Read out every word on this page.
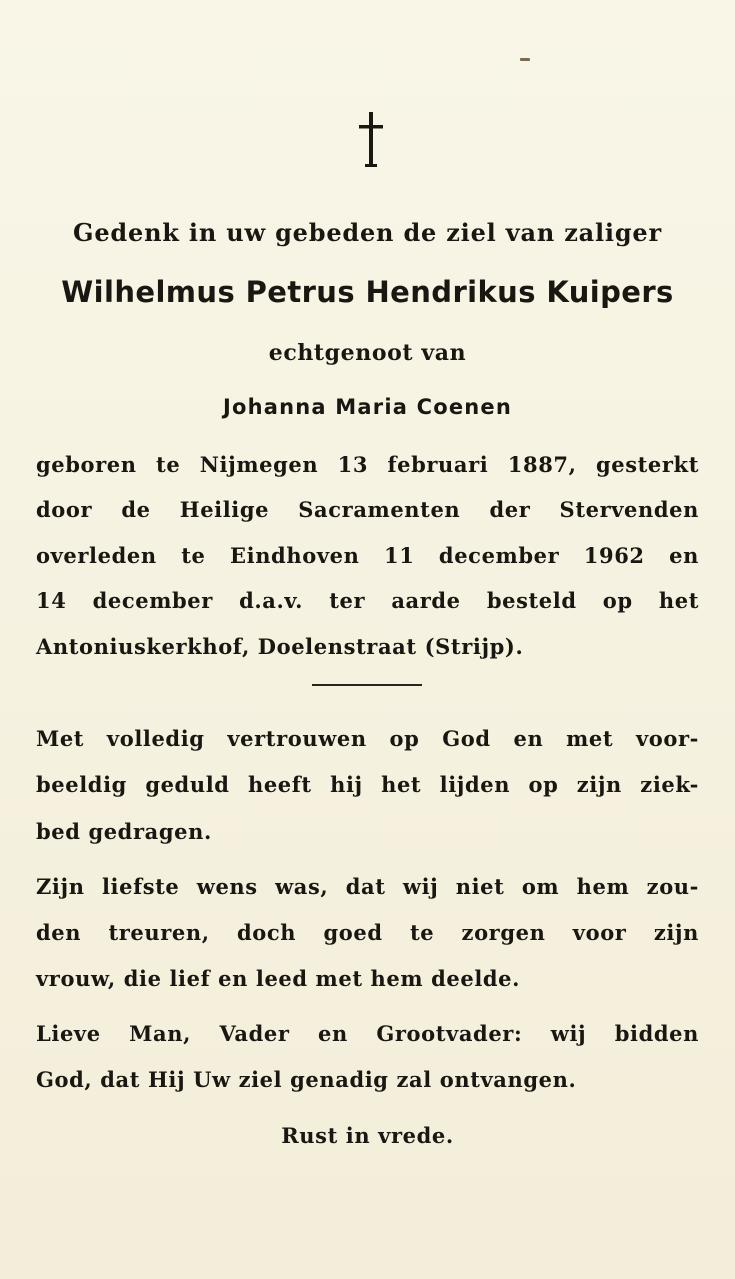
Gedenk in uw gebeden de ziel van zaliger

Wilhelmus Petrus Hendrikus Kuipers

echtgenoot van

Johanna Maria Coenen

geboren te Nijmegen 13 februari 1887, gesterkt

door de Heilige Sacramenten der Stervenden

overleden te Eindhoven 11 december 1962 en

14 december d.a.v. ter aarde besteld op het

Antoniuskerkhof, Doelenstraat (Strijp).

Met volledig vertrouwen op God en met voor-

beeldig geduld heeft hij het lijden op zijn ziek-

bed gedragen.

Zijn liefste wens was, dat wij niet om hem zou-

den treuren, doch goed te zorgen voor zijn

vrouw, die lief en leed met hem deelde.

Lieve Man, Vader en Grootvader: wij bidden

God, dat Hij Uw ziel genadig zal ontvangen.

Rust in vrede.
